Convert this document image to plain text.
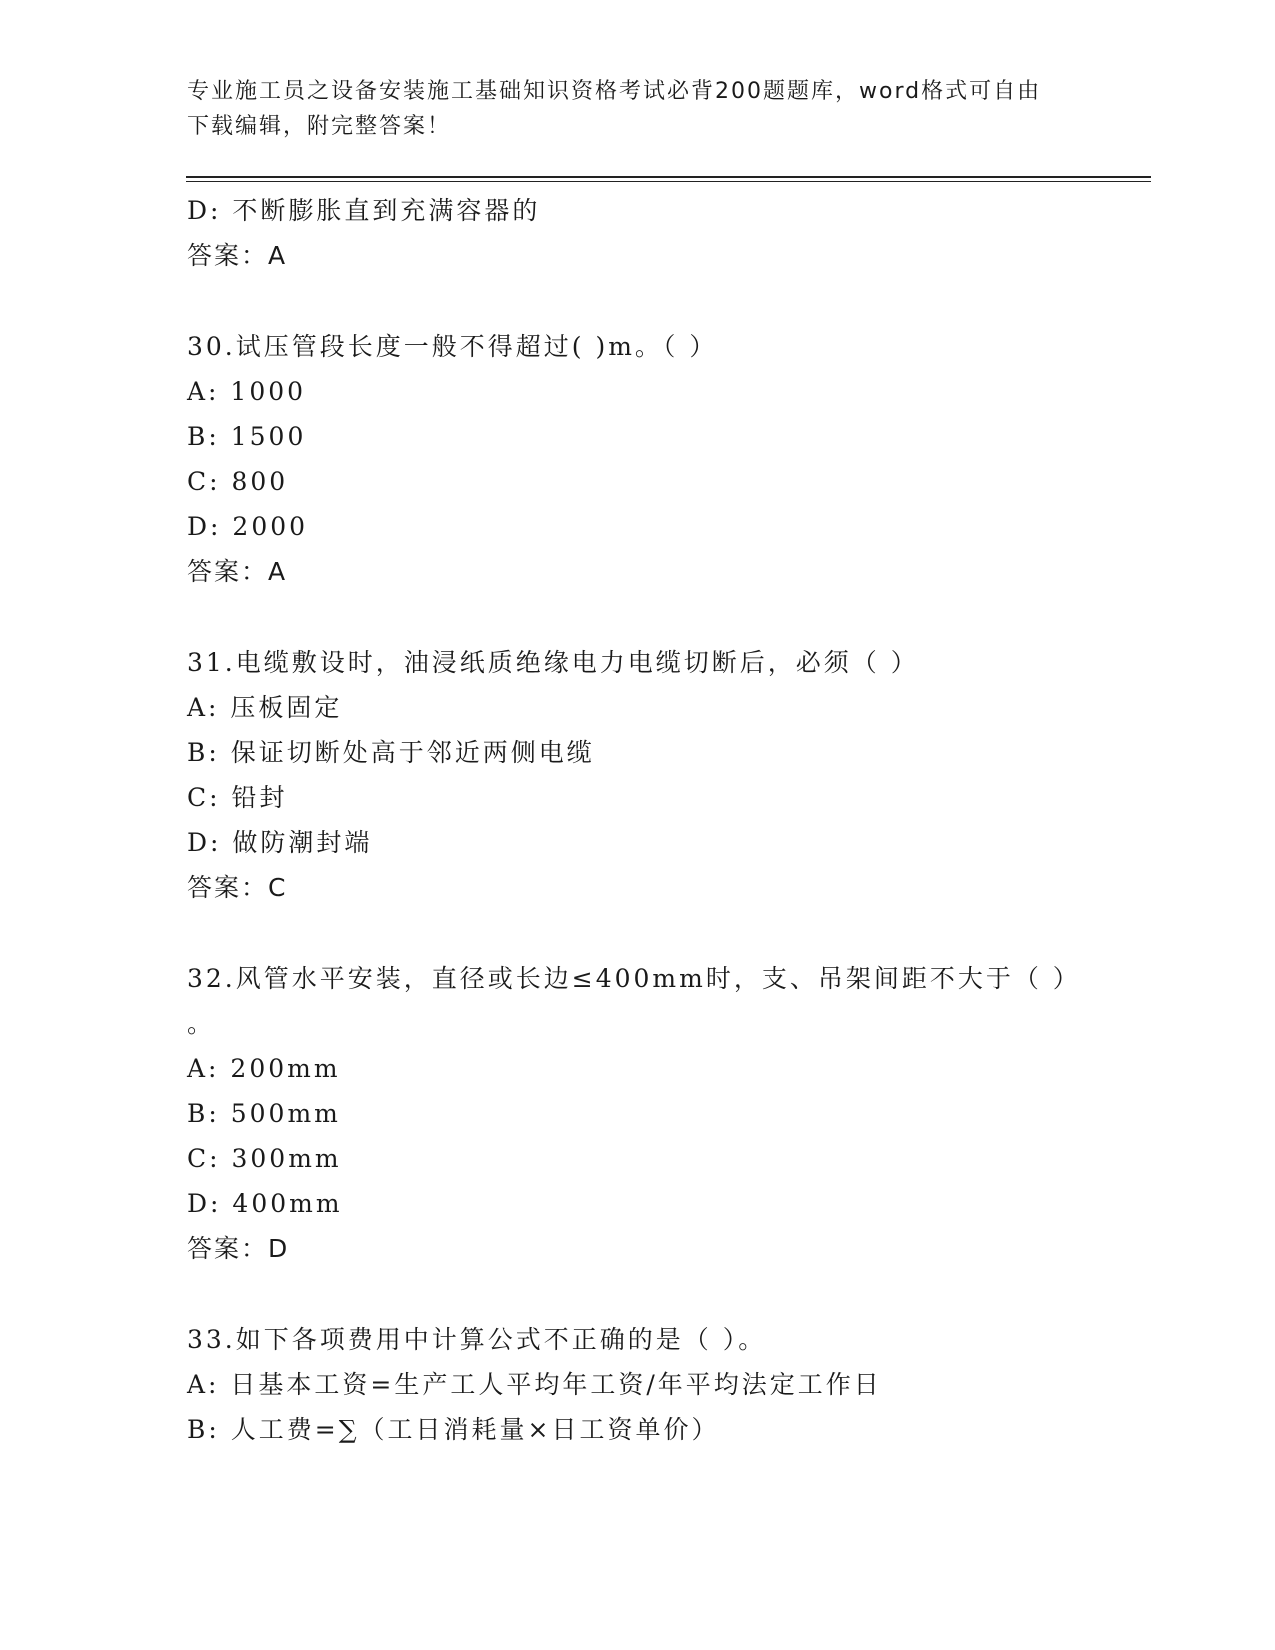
专业施工员之设备安装施工基础知识资格考试必背200题题库，word格式可自由
下载编辑，附完整答案！
D: 不断膨胀直到充满容器的
答案：A
30.试压管段长度一般不得超过( )m。（ ）
A: 1000
B: 1500
C: 800
D: 2000
答案：A
31.电缆敷设时，油浸纸质绝缘电力电缆切断后，必须（ ）
A: 压板固定
B: 保证切断处高于邻近两侧电缆
C: 铅封
D: 做防潮封端
答案：C
32.风管水平安装，直径或长边≤400mm时，支、吊架间距不大于（ ）
。
A: 200mm
B: 500mm
C: 300mm
D: 400mm
答案：D
33.如下各项费用中计算公式不正确的是（ ）。
A: 日基本工资=生产工人平均年工资/年平均法定工作日
B: 人工费=∑（工日消耗量×日工资单价）
